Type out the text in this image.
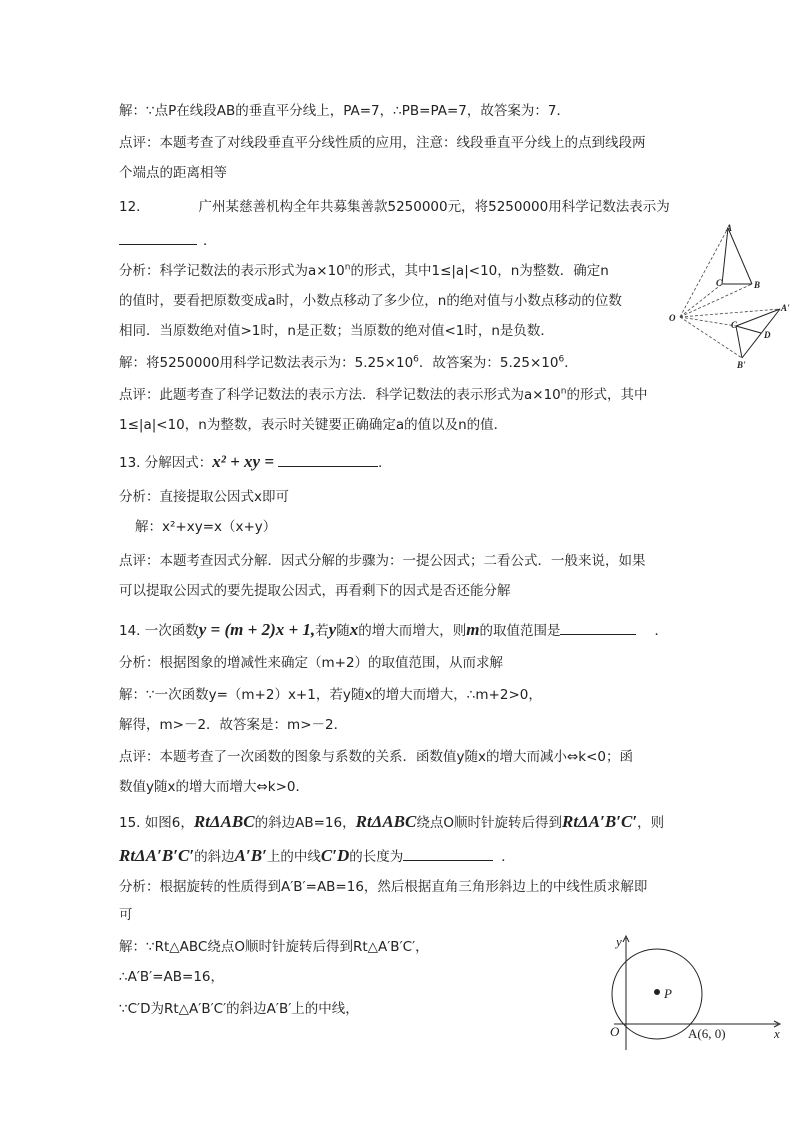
解：∵点P在线段AB的垂直平分线上，PA=7，∴PB=PA=7，故答案为：7．
点评：本题考查了对线段垂直平分线性质的应用，注意：线段垂直平分线上的点到线段两
个端点的距离相等
12.	广州某慈善机构全年共募集善款5250000元，将5250000用科学记数法表示为
．
分析：科学记数法的表示形式为$a\times 10^n$的形式，其中1≤|a|<10，n为整数．确定n
的值时，要看把原数变成a时，小数点移动了多少位，n的绝对值与小数点移动的位数
相同．当原数绝对值>1时，n是正数；当原数的绝对值<1时，n是负数．
解：将5250000用科学记数法表示为：$5.25\times 10^6$．故答案为：$5.25\times 10^6$．
点评：此题考查了科学记数法的表示方法．科学记数法的表示形式为$a\times 10^n$的形式，其中
1≤|a|<10，n为整数，表示时关键要正确确定a的值以及n的值．
13. 分解因式：x² + xy =	.
分析：直接提取公因式x即可
解：x²+xy=x（x+y）
点评：本题考查因式分解．因式分解的步骤为：一提公因式；二看公式．一般来说，如果
可以提取公因式的要先提取公因式，再看剩下的因式是否还能分解
14. 一次函数y = (m + 2)x + 1,若y随x的增大而增大，则m的取值范围是	．
分析：根据图象的增减性来确定（m+2）的取值范围，从而求解
解：∵一次函数y=（m+2）x+1，若y随x的增大而增大，∴m+2>0，
解得，m>－2．故答案是：m>－2．
点评：本题考查了一次函数的图象与系数的关系．函数值y随x的增大而减小⇔k<0；函
数值y随x的增大而增大⇔k>0．
15. 如图6，RtΔABC的斜边AB=16，RtΔABC绕点O顺时针旋转后得到RtΔA′B′C′，则
RtΔA′B′C′的斜边A′B′上的中线C′D的长度为	．
分析：根据旋转的性质得到A′B′=AB=16，然后根据直角三角形斜边上的中线性质求解即
可
解：∵Rt△ABC绕点O顺时针旋转后得到Rt△A′B′C′，
∴A′B′=AB=16，
∵C′D为Rt△A′B′C′的斜边A′B′上的中线，
A
B
C
O
A'
B'
C
D
y
x
O
P
A(6, 0)
